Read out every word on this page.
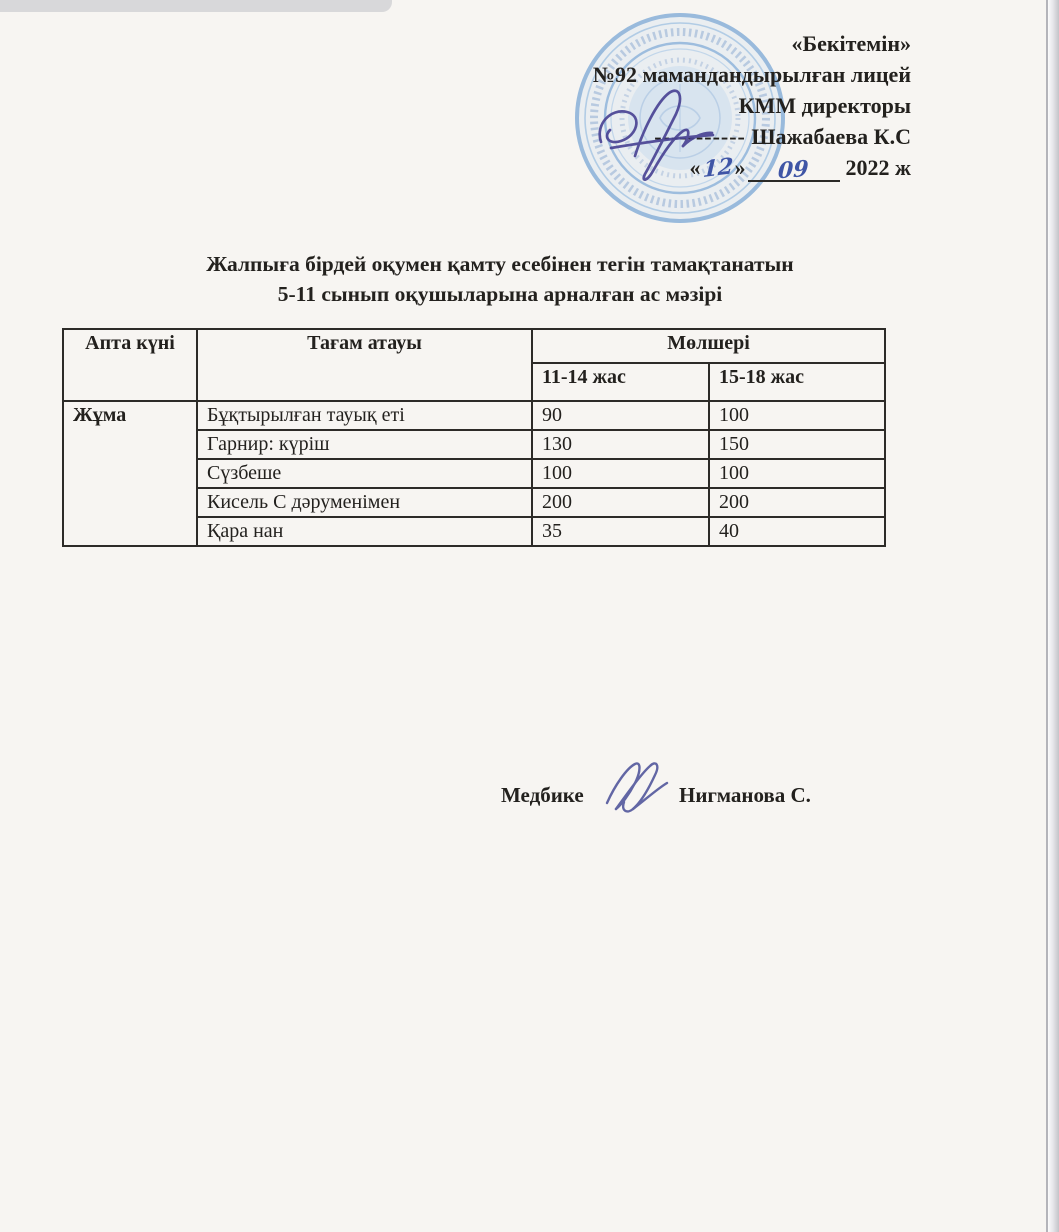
«Бекітемін»
№92 мамандандырылған лицей
КММ директоры
----------- Шажабаева К.С
«12» 09 2022 ж
Жалпыға бірдей оқумен қамту есебінен тегін тамақтанатын
5-11 сынып оқушыларына арналған ас мәзірі
Апта күні	Тағам атауы	Мөлшері	
		11-14 жас	15-18 жас
Жұма	Бұқтырылған тауық еті	90	100
	Гарнир: күріш	130	150
	Сүзбеше	100	100
	Кисель С дәруменімен	200	200
	Қара нан	35	40
Медбике	Нигманова С.
